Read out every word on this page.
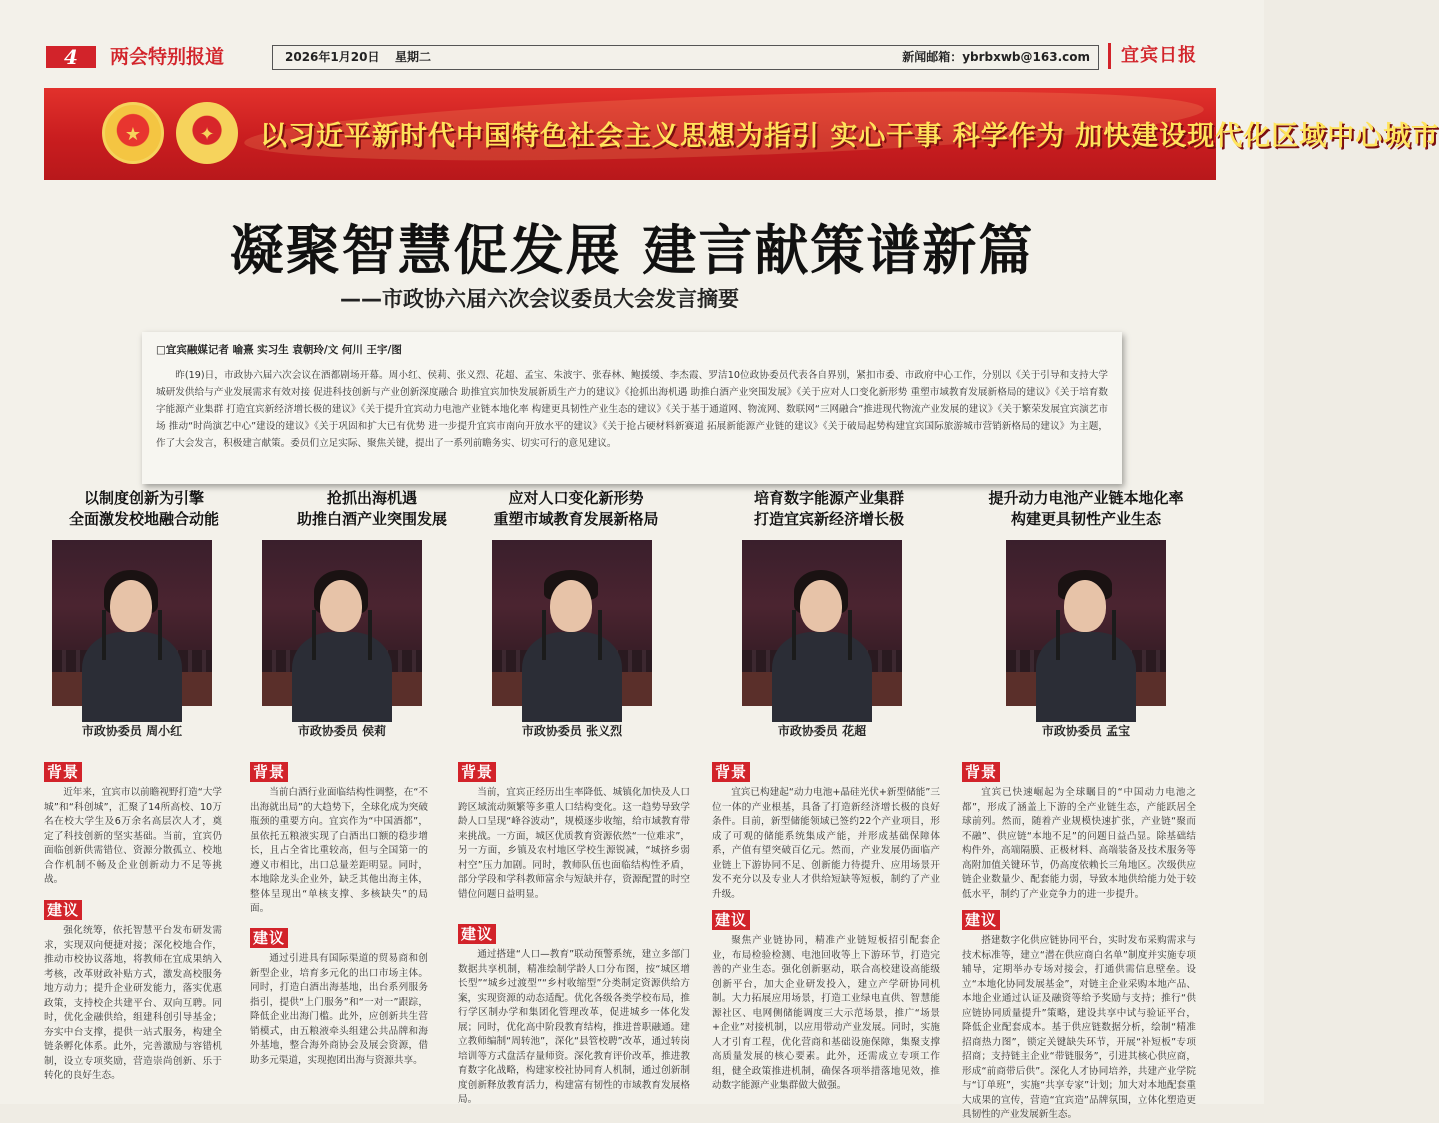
4	两会特别报道	2026年1月20日 星期二	新闻邮箱：ybrbxwb@163.com	宜宾日报
★	✦	以习近平新时代中国特色社会主义思想为指引 实心干事 科学作为 加快建设现代化区域中心城市
凝聚智慧促发展 建言献策谱新篇
——市政协六届六次会议委员大会发言摘要
□宜宾融媒记者 喻熹 实习生 袁朝玲/文 何川 王宇/图
昨(19)日，市政协六届六次会议在酒都剧场开幕。周小红、侯莉、张义烈、花超、孟宝、朱波宇、张春林、鲍援缓、李杰霞、罗洁10位政协委员代表各自界别，紧扣市委、市政府中心工作，分别以《关于引导和支持大学城研发供给与产业发展需求有效对接 促进科技创新与产业创新深度融合 助推宜宾加快发展新质生产力的建议》《抢抓出海机遇 助推白酒产业突围发展》《关于应对人口变化新形势 重塑市域教育发展新格局的建议》《关于培育数字能源产业集群 打造宜宾新经济增长极的建议》《关于提升宜宾动力电池产业链本地化率 构建更具韧性产业生态的建议》《关于基于通道网、物流网、数联网“三网融合”推进现代物流产业发展的建议》《关于繁荣发展宜宾演艺市场 推动“时尚演艺中心”建设的建议》《关于巩固和扩大已有优势 进一步提升宜宾市南向开放水平的建议》《关于抢占硬材料新赛道 拓展新能源产业链的建议》《关于破局起势构建宜宾国际旅游城市营销新格局的建议》为主题，作了大会发言，积极建言献策。委员们立足实际、聚焦关键，提出了一系列前瞻务实、切实可行的意见建议。
以制度创新为引擎
全面激发校地融合动能
抢抓出海机遇
助推白酒产业突围发展
应对人口变化新形势
重塑市域教育发展新格局
培育数字能源产业集群
打造宜宾新经济增长极
提升动力电池产业链本地化率
构建更具韧性产业生态
市政协委员 周小红	市政协委员 侯莉	市政协委员 张义烈	市政协委员 花超	市政协委员 孟宝
背景
近年来，宜宾市以前瞻视野打造“大学城”和“科创城”，汇聚了14所高校、10万名在校大学生及6万余名高层次人才，奠定了科技创新的坚实基础。当前，宜宾仍面临创新供需错位、资源分散孤立、校地合作机制不畅及企业创新动力不足等挑战。
建议
强化统筹，依托智慧平台发布研发需求，实现双向便捷对接；深化校地合作，推动市校协议落地，将教师在宜成果纳入考核，改革财政补贴方式，激发高校服务地方动力；提升企业研发能力，落实优惠政策，支持校企共建平台、双向互聘。同时，优化金融供给，组建科创引导基金；夯实中台支撑，提供一站式服务，构建全链条孵化体系。此外，完善激励与容错机制，设立专项奖励，营造崇尚创新、乐于转化的良好生态。
背景
当前白酒行业面临结构性调整，在“不出海就出局”的大趋势下，全球化成为突破瓶颈的重要方向。宜宾作为“中国酒都”，虽依托五粮液实现了白酒出口额的稳步增长，且占全省比重较高，但与全国第一的遵义市相比，出口总量差距明显。同时，本地除龙头企业外，缺乏其他出海主体，整体呈现出“单核支撑、多核缺失”的局面。
建议
通过引进具有国际渠道的贸易商和创新型企业，培育多元化的出口市场主体。同时，打造白酒出海基地，出台系列服务指引，提供“上门服务”和“一对一”跟踪，降低企业出海门槛。此外，应创新共生营销模式，由五粮液牵头组建公共品牌和海外基地，整合海外商协会及展会资源，借助多元渠道，实现抱团出海与资源共享。
背景
当前，宜宾正经历出生率降低、城镇化加快及人口跨区域流动频繁等多重人口结构变化。这一趋势导致学龄人口呈现“峰谷波动”，规模逐步收缩，给市域教育带来挑战。一方面，城区优质教育资源依然“一位难求”，另一方面，乡镇及农村地区学校生源锐减，“城挤乡弱村空”压力加剧。同时，教师队伍也面临结构性矛盾，部分学段和学科教师富余与短缺并存，资源配置的时空错位问题日益明显。
建议
通过搭建“人口—教育”联动预警系统，建立多部门数据共享机制，精准绘制学龄人口分布图，按“城区增长型”“城乡过渡型”“乡村收缩型”分类制定资源供给方案，实现资源的动态适配。优化各级各类学校布局，推行学区制办学和集团化管理改革，促进城乡一体化发展；同时，优化高中阶段教育结构，推进普职融通。建立教师编制“周转池”，深化“县管校聘”改革，通过转岗培训等方式盘活存量师资。深化教育评价改革，推进教育数字化战略，构建家校社协同育人机制，通过创新制度创新释放教育活力，构建富有韧性的市域教育发展格局。
背景
宜宾已构建起“动力电池+晶硅光伏+新型储能”三位一体的产业根基，具备了打造新经济增长极的良好条件。目前，新型储能领域已签约22个产业项目，形成了可观的储能系统集成产能，并形成基础保障体系，产值有望突破百亿元。然而，产业发展仍面临产业链上下游协同不足、创新能力待提升、应用场景开发不充分以及专业人才供给短缺等短板，制约了产业升级。
建议
聚焦产业链协同，精准产业链短板招引配套企业，布局检验检测、电池回收等上下游环节，打造完善的产业生态。强化创新驱动，联合高校建设高能级创新平台，加大企业研发投入，建立产学研协同机制。大力拓展应用场景，打造工业绿电直供、智慧能源社区、电网侧储能调度三大示范场景，推广“场景+企业”对接机制，以应用带动产业发展。同时，实施人才引育工程，优化营商和基础设施保障，集聚支撑高质量发展的核心要素。此外，还需成立专项工作组，健全政策推进机制，确保各项举措落地见效，推动数字能源产业集群做大做强。
背景
宜宾已快速崛起为全球瞩目的“中国动力电池之都”，形成了涵盖上下游的全产业链生态，产能跃居全球前列。然而，随着产业规模快速扩张，产业链“聚而不融”、供应链“本地不足”的问题日益凸显。除基础结构件外，高端隔膜、正极材料、高端装备及技术服务等高附加值关键环节，仍高度依赖长三角地区。次级供应链企业数量少、配套能力弱，导致本地供给能力处于较低水平，制约了产业竞争力的进一步提升。
建议
搭建数字化供应链协同平台，实时发布采购需求与技术标准等，建立“潜在供应商白名单”制度并实施专项辅导，定期举办专场对接会，打通供需信息壁垒。设立“本地化协同发展基金”，对链主企业采购本地产品、本地企业通过认证及融资等给予奖励与支持；推行“供应链协同质量提升”策略，建设共享中试与验证平台，降低企业配套成本。基于供应链数据分析，绘制“精准招商热力图”，锁定关键缺失环节，开展“补短板”专项招商；支持链主企业“带链服务”，引进其核心供应商，形成“前商带后供”。深化人才协同培养，共建产业学院与“订单班”，实施“共享专家”计划；加大对本地配套重大成果的宣传，营造“宜宾造”品牌氛围，立体化塑造更具韧性的产业发展新生态。
